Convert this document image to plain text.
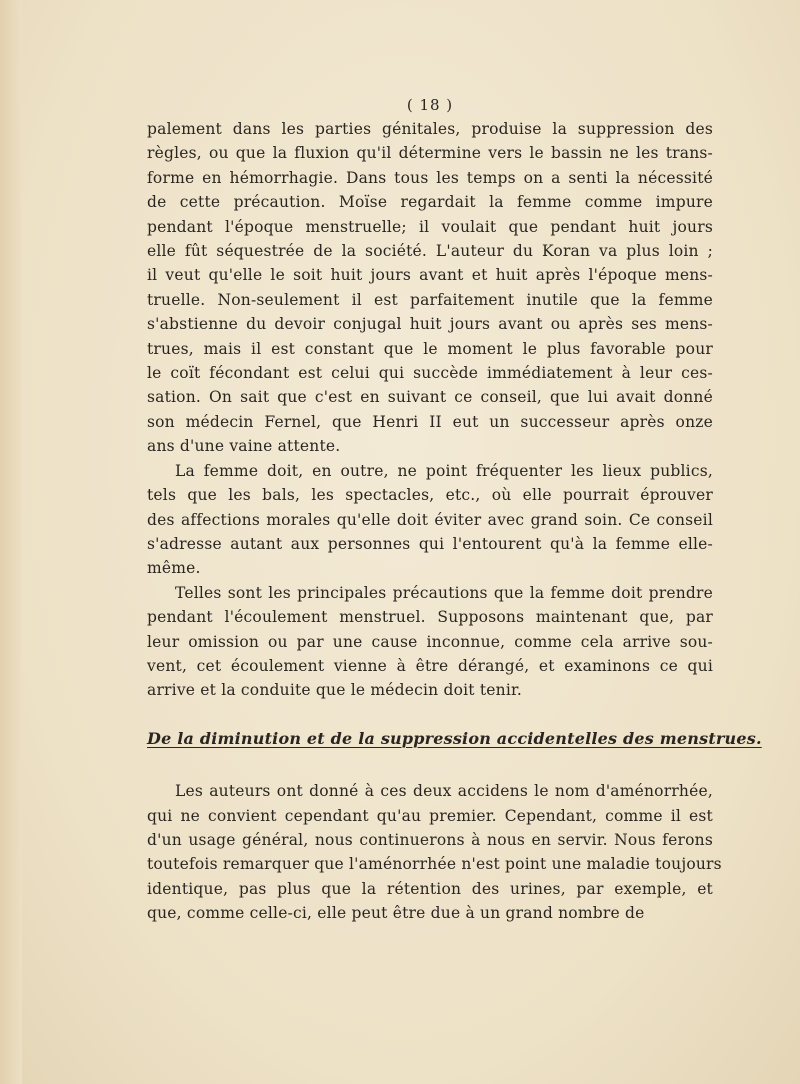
( 18 )
palement dans les parties génitales, produise la suppression des
règles, ou que la fluxion qu'il détermine vers le bassin ne les trans-
forme en hémorrhagie. Dans tous les temps on a senti la nécessité
de cette précaution. Moïse regardait la femme comme impure
pendant l'époque menstruelle; il voulait que pendant huit jours
elle fût séquestrée de la société. L'auteur du Koran va plus loin ;
il veut qu'elle le soit huit jours avant et huit après l'époque mens-
truelle. Non-seulement il est parfaitement inutile que la femme
s'abstienne du devoir conjugal huit jours avant ou après ses mens-
trues, mais il est constant que le moment le plus favorable pour
le coït fécondant est celui qui succède immédiatement à leur ces-
sation. On sait que c'est en suivant ce conseil, que lui avait donné
son médecin Fernel, que Henri II eut un successeur après onze
ans d'une vaine attente.
La femme doit, en outre, ne point fréquenter les lieux publics,
tels que les bals, les spectacles, etc., où elle pourrait éprouver
des affections morales qu'elle doit éviter avec grand soin. Ce conseil
s'adresse autant aux personnes qui l'entourent qu'à la femme elle-
même.
Telles sont les principales précautions que la femme doit prendre
pendant l'écoulement menstruel. Supposons maintenant que, par
leur omission ou par une cause inconnue, comme cela arrive sou-
vent, cet écoulement vienne à être dérangé, et examinons ce qui
arrive et la conduite que le médecin doit tenir.
De la diminution et de la suppression accidentelles des menstrues.
Les auteurs ont donné à ces deux accidens le nom d'aménorrhée,
qui ne convient cependant qu'au premier. Cependant, comme il est
d'un usage général, nous continuerons à nous en servir. Nous ferons
toutefois remarquer que l'aménorrhée n'est point une maladie toujours
identique, pas plus que la rétention des urines, par exemple, et
que, comme celle-ci, elle peut être due à un grand nombre de
